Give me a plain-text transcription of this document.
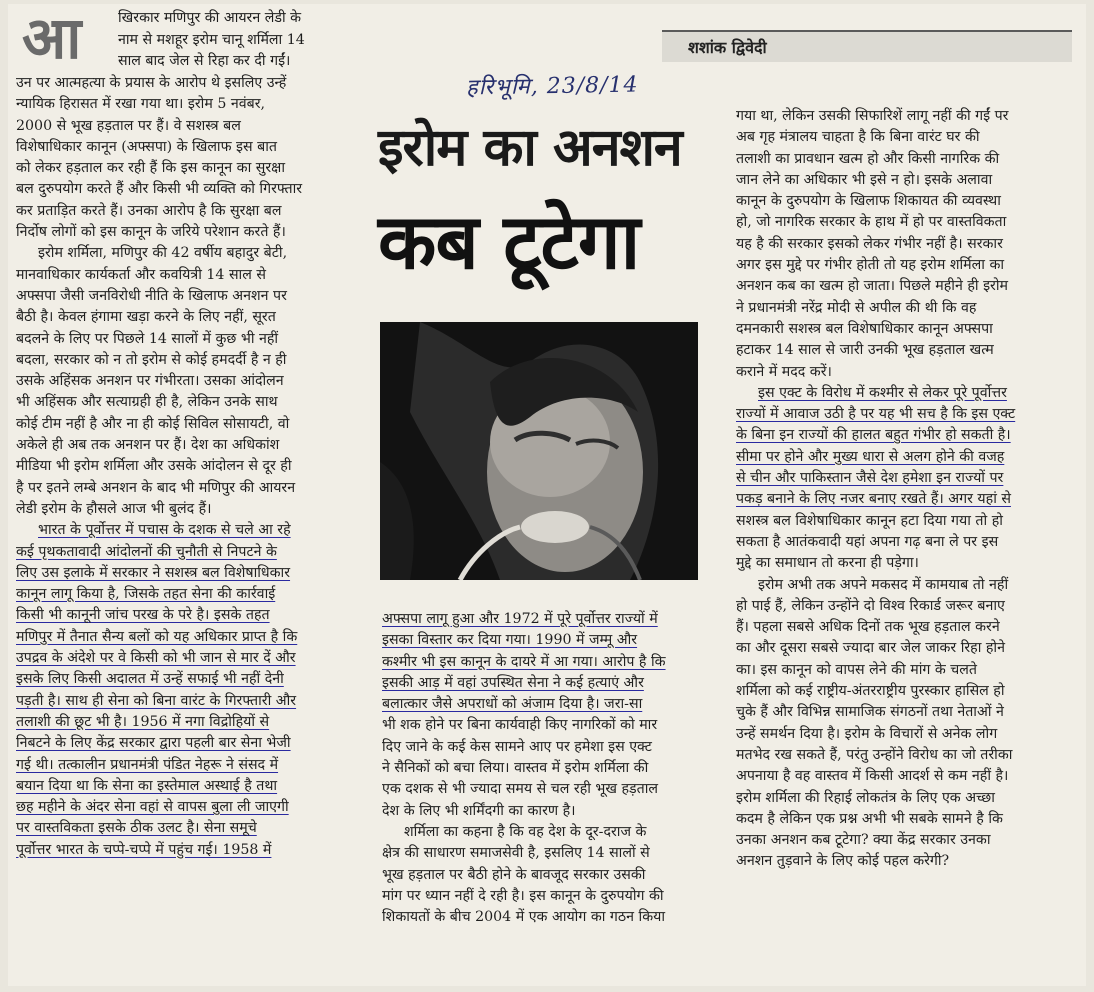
आ	खिरकार मणिपुर की आयरन लेडी के

नाम से मशहूर इरोम चानू शर्मिला 14

साल बाद जेल से रिहा कर दी गईं।

उन पर आत्महत्या के प्रयास के आरोप थे इसलिए उन्हें

न्यायिक हिरासत में रखा गया था। इरोम 5 नवंबर,

2000 से भूख हड़ताल पर हैं। वे सशस्त्र बल

विशेषाधिकार कानून (अफ्सपा) के खिलाफ इस बात

को लेकर हड़ताल कर रही हैं कि इस कानून का सुरक्षा

बल दुरुपयोग करते हैं और किसी भी व्यक्ति को गिरफ्तार

कर प्रताड़ित करते हैं। उनका आरोप है कि सुरक्षा बल

निर्दोष लोगों को इस कानून के जरिये परेशान करते हैं।

इरोम शर्मिला, मणिपुर की 42 वर्षीय बहादुर बेटी,

मानवाधिकार कार्यकर्ता और कवयित्री 14 साल से

अफ्सपा जैसी जनविरोधी नीति के खिलाफ अनशन पर

बैठी है। केवल हंगामा खड़ा करने के लिए नहीं, सूरत

बदलने के लिए पर पिछले 14 सालों में कुछ भी नहीं

बदला, सरकार को न तो इरोम से कोई हमदर्दी है न ही

उसके अहिंसक अनशन पर गंभीरता। उसका आंदोलन

भी अहिंसक और सत्याग्रही ही है, लेकिन उनके साथ

कोई टीम नहीं है और ना ही कोई सिविल सोसायटी, वो

अकेले ही अब तक अनशन पर हैं। देश का अधिकांश

मीडिया भी इरोम शर्मिला और उसके आंदोलन से दूर ही

है पर इतने लम्बे अनशन के बाद भी मणिपुर की आयरन

लेडी इरोम के हौसले आज भी बुलंद हैं।

भारत के पूर्वोत्तर में पचास के दशक से चले आ रहे

कई पृथकतावादी आंदोलनों की चुनौती से निपटने के

लिए उस इलाके में सरकार ने सशस्त्र बल विशेषाधिकार

कानून लागू किया है, जिसके तहत सेना की कार्रवाई

किसी भी कानूनी जांच परख के परे है। इसके तहत

मणिपुर में तैनात सैन्य बलों को यह अधिकार प्राप्त है कि

उपद्रव के अंदेशे पर वे किसी को भी जान से मार दें और

इसके लिए किसी अदालत में उन्हें सफाई भी नहीं देनी

पड़ती है। साथ ही सेना को बिना वारंट के गिरफ्तारी और

तलाशी की छूट भी है। 1956 में नगा विद्रोहियों से

निबटने के लिए केंद्र सरकार द्वारा पहली बार सेना भेजी

गई थी। तत्कालीन प्रधानमंत्री पंडित नेहरू ने संसद में

बयान दिया था कि सेना का इस्तेमाल अस्थाई है तथा

छह महीने के अंदर सेना वहां से वापस बुला ली जाएगी

पर वास्तविकता इसके ठीक उलट है। सेना समूचे

पूर्वोत्तर भारत के चप्पे-चप्पे में पहुंच गई। 1958 में

शशांक द्विवेदी
हरिभूमि, 23/8/14
इरोम का अनशन
कब टूटेगा

अफ्सपा लागू हुआ और 1972 में पूरे पूर्वोत्तर राज्यों में

इसका विस्तार कर दिया गया। 1990 में जम्मू और

कश्मीर भी इस कानून के दायरे में आ गया। आरोप है कि

इसकी आड़ में वहां उपस्थित सेना ने कई हत्याएं और

बलात्कार जैसे अपराधों को अंजाम दिया है। जरा-सा

भी शक होने पर बिना कार्यवाही किए नागरिकों को मार

दिए जाने के कई केस सामने आए पर हमेशा इस एक्ट

ने सैनिकों को बचा लिया। वास्तव में इरोम शर्मिला की

एक दशक से भी ज्यादा समय से चल रही भूख हड़ताल

देश के लिए भी शर्मिंदगी का कारण है।

शर्मिला का कहना है कि वह देश के दूर-दराज के

क्षेत्र की साधारण समाजसेवी है, इसलिए 14 सालों से

भूख हड़ताल पर बैठी होने के बावजूद सरकार उसकी

मांग पर ध्यान नहीं दे रही है। इस कानून के दुरुपयोग की

शिकायतों के बीच 2004 में एक आयोग का गठन किया

गया था, लेकिन उसकी सिफारिशें लागू नहीं की गईं पर

अब गृह मंत्रालय चाहता है कि बिना वारंट घर की

तलाशी का प्रावधान खत्म हो और किसी नागरिक की

जान लेने का अधिकार भी इसे न हो। इसके अलावा

कानून के दुरुपयोग के खिलाफ शिकायत की व्यवस्था

हो, जो नागरिक सरकार के हाथ में हो पर वास्तविकता

यह है की सरकार इसको लेकर गंभीर नहीं है। सरकार

अगर इस मुद्दे पर गंभीर होती तो यह इरोम शर्मिला का

अनशन कब का खत्म हो जाता। पिछले महीने ही इरोम

ने प्रधानमंत्री नरेंद्र मोदी से अपील की थी कि वह

दमनकारी सशस्त्र बल विशेषाधिकार कानून अफ्सपा

हटाकर 14 साल से जारी उनकी भूख हड़ताल खत्म

कराने में मदद करें।

इस एक्ट के विरोध में कश्मीर से लेकर पूरे पूर्वोत्तर

राज्यों में आवाज उठी है पर यह भी सच है कि इस एक्ट

के बिना इन राज्यों की हालत बहुत गंभीर हो सकती है।

सीमा पर होने और मुख्य धारा से अलग होने की वजह

से चीन और पाकिस्तान जैसे देश हमेशा इन राज्यों पर

पकड़ बनाने के लिए नजर बनाए रखते हैं। अगर यहां से

सशस्त्र बल विशेषाधिकार कानून हटा दिया गया तो हो

सकता है आतंकवादी यहां अपना गढ़ बना ले पर इस

मुद्दे का समाधान तो करना ही पड़ेगा।

इरोम अभी तक अपने मकसद में कामयाब तो नहीं

हो पाई हैं, लेकिन उन्होंने दो विश्व रिकार्ड जरूर बनाए

हैं। पहला सबसे अधिक दिनों तक भूख हड़ताल करने

का और दूसरा सबसे ज्यादा बार जेल जाकर रिहा होने

का। इस कानून को वापस लेने की मांग के चलते

शर्मिला को कई राष्ट्रीय-अंतरराष्ट्रीय पुरस्कार हासिल हो

चुके हैं और विभिन्न सामाजिक संगठनों तथा नेताओं ने

उन्हें समर्थन दिया है। इरोम के विचारों से अनेक लोग

मतभेद रख सकते हैं, परंतु उन्होंने विरोध का जो तरीका

अपनाया है वह वास्तव में किसी आदर्श से कम नहीं है।

इरोम शर्मिला की रिहाई लोकतंत्र के लिए एक अच्छा

कदम है लेकिन एक प्रश्न अभी भी सबके सामने है कि

उनका अनशन कब टूटेगा? क्या केंद्र सरकार उनका

अनशन तुड़वाने के लिए कोई पहल करेगी?
